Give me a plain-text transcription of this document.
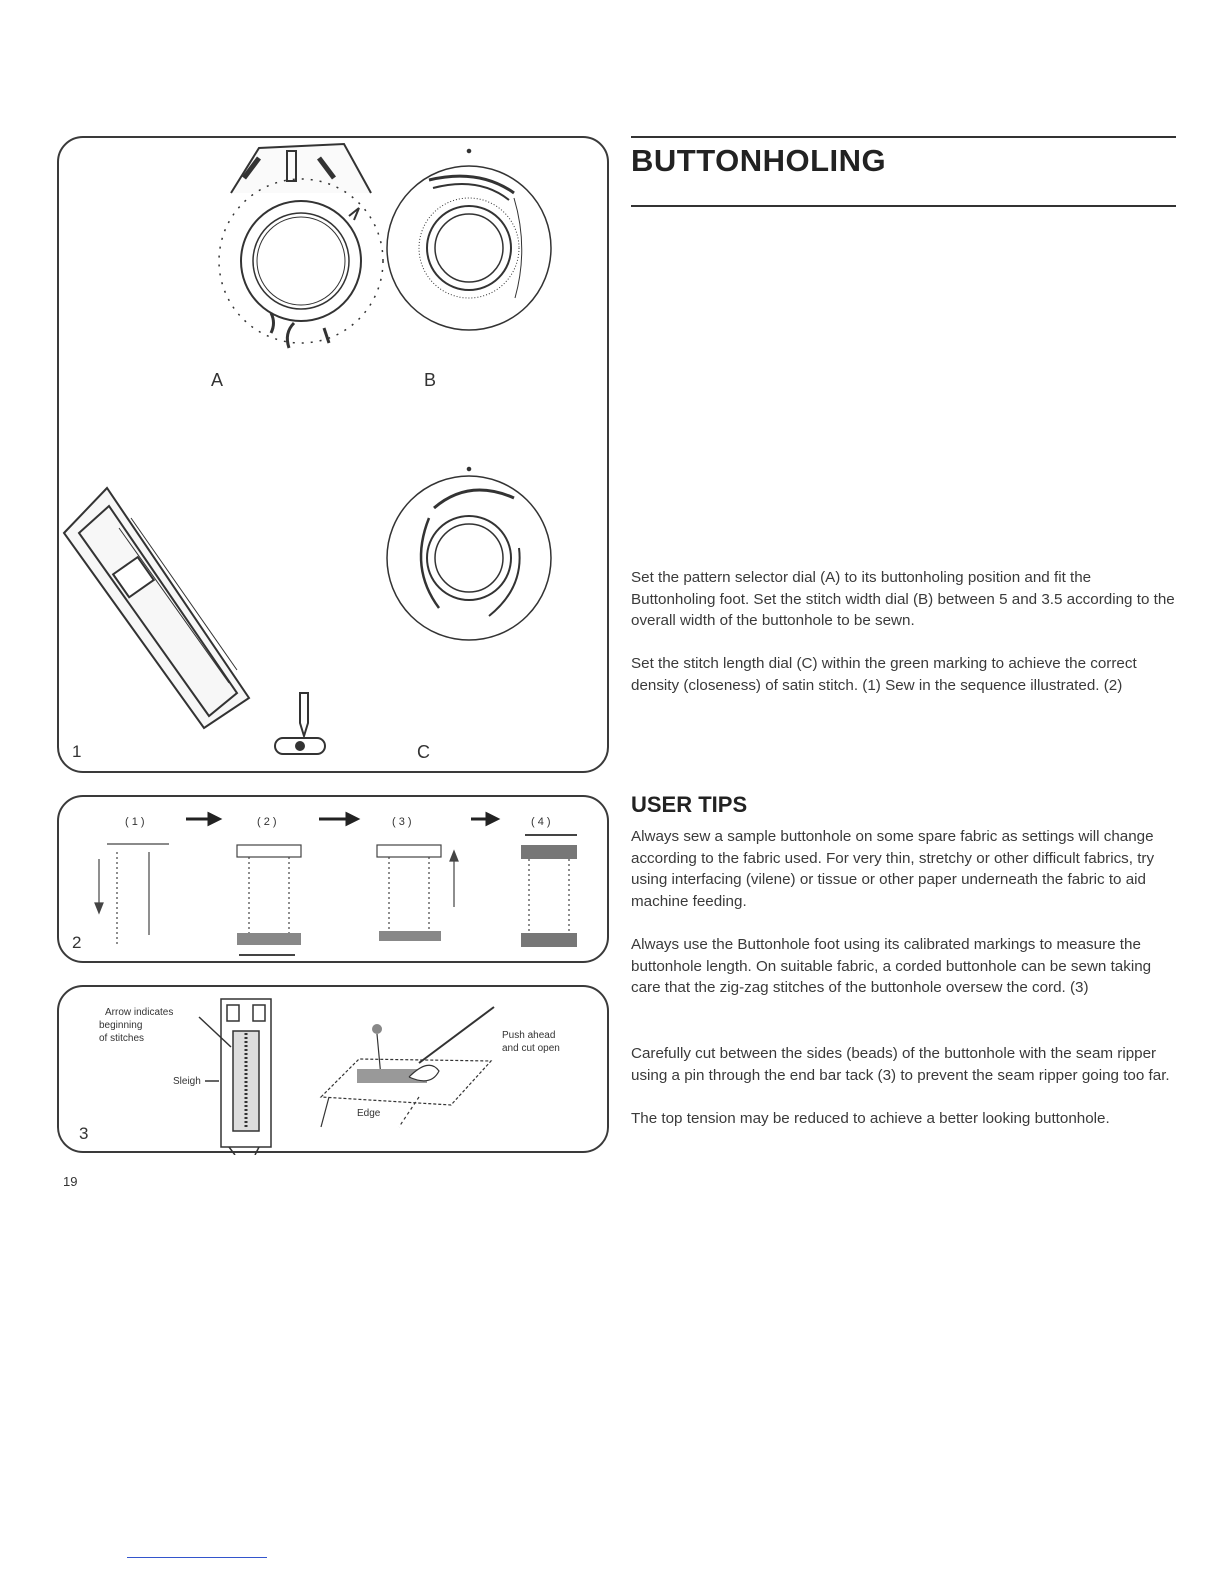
A	B
C
1
( 1 )	( 2 )	( 3 )	( 4 )
2
Arrow indicates
beginning
of stitches
Sleigh
Push ahead
and cut open
Edge
3
19
BUTTONHOLING

Set the pattern selector dial (A) to its buttonholing position and fit the Buttonholing foot. Set the stitch width dial (B) between 5 and 3.5 according to the overall width of the buttonhole to be sewn.

Set the stitch length dial (C) within the green marking to achieve the correct density (closeness) of satin stitch. (1) Sew in the sequence illustrated. (2)

USER TIPS

Always sew a sample buttonhole on some spare fabric as settings will change according to the fabric used. For very thin, stretchy or other difficult fabrics, try using interfacing (vilene) or tissue or other paper underneath the fabric to aid machine feeding.

Always use the Buttonhole foot using its calibrated markings to measure the buttonhole length. On suitable fabric, a corded buttonhole can be sewn taking care that the zig-zag stitches of the buttonhole oversew the cord. (3)

Carefully cut between the sides (beads) of the buttonhole with the seam ripper using a pin through the end bar tack (3) to prevent the seam ripper going too far.

The top tension may be reduced to achieve a better looking buttonhole.
